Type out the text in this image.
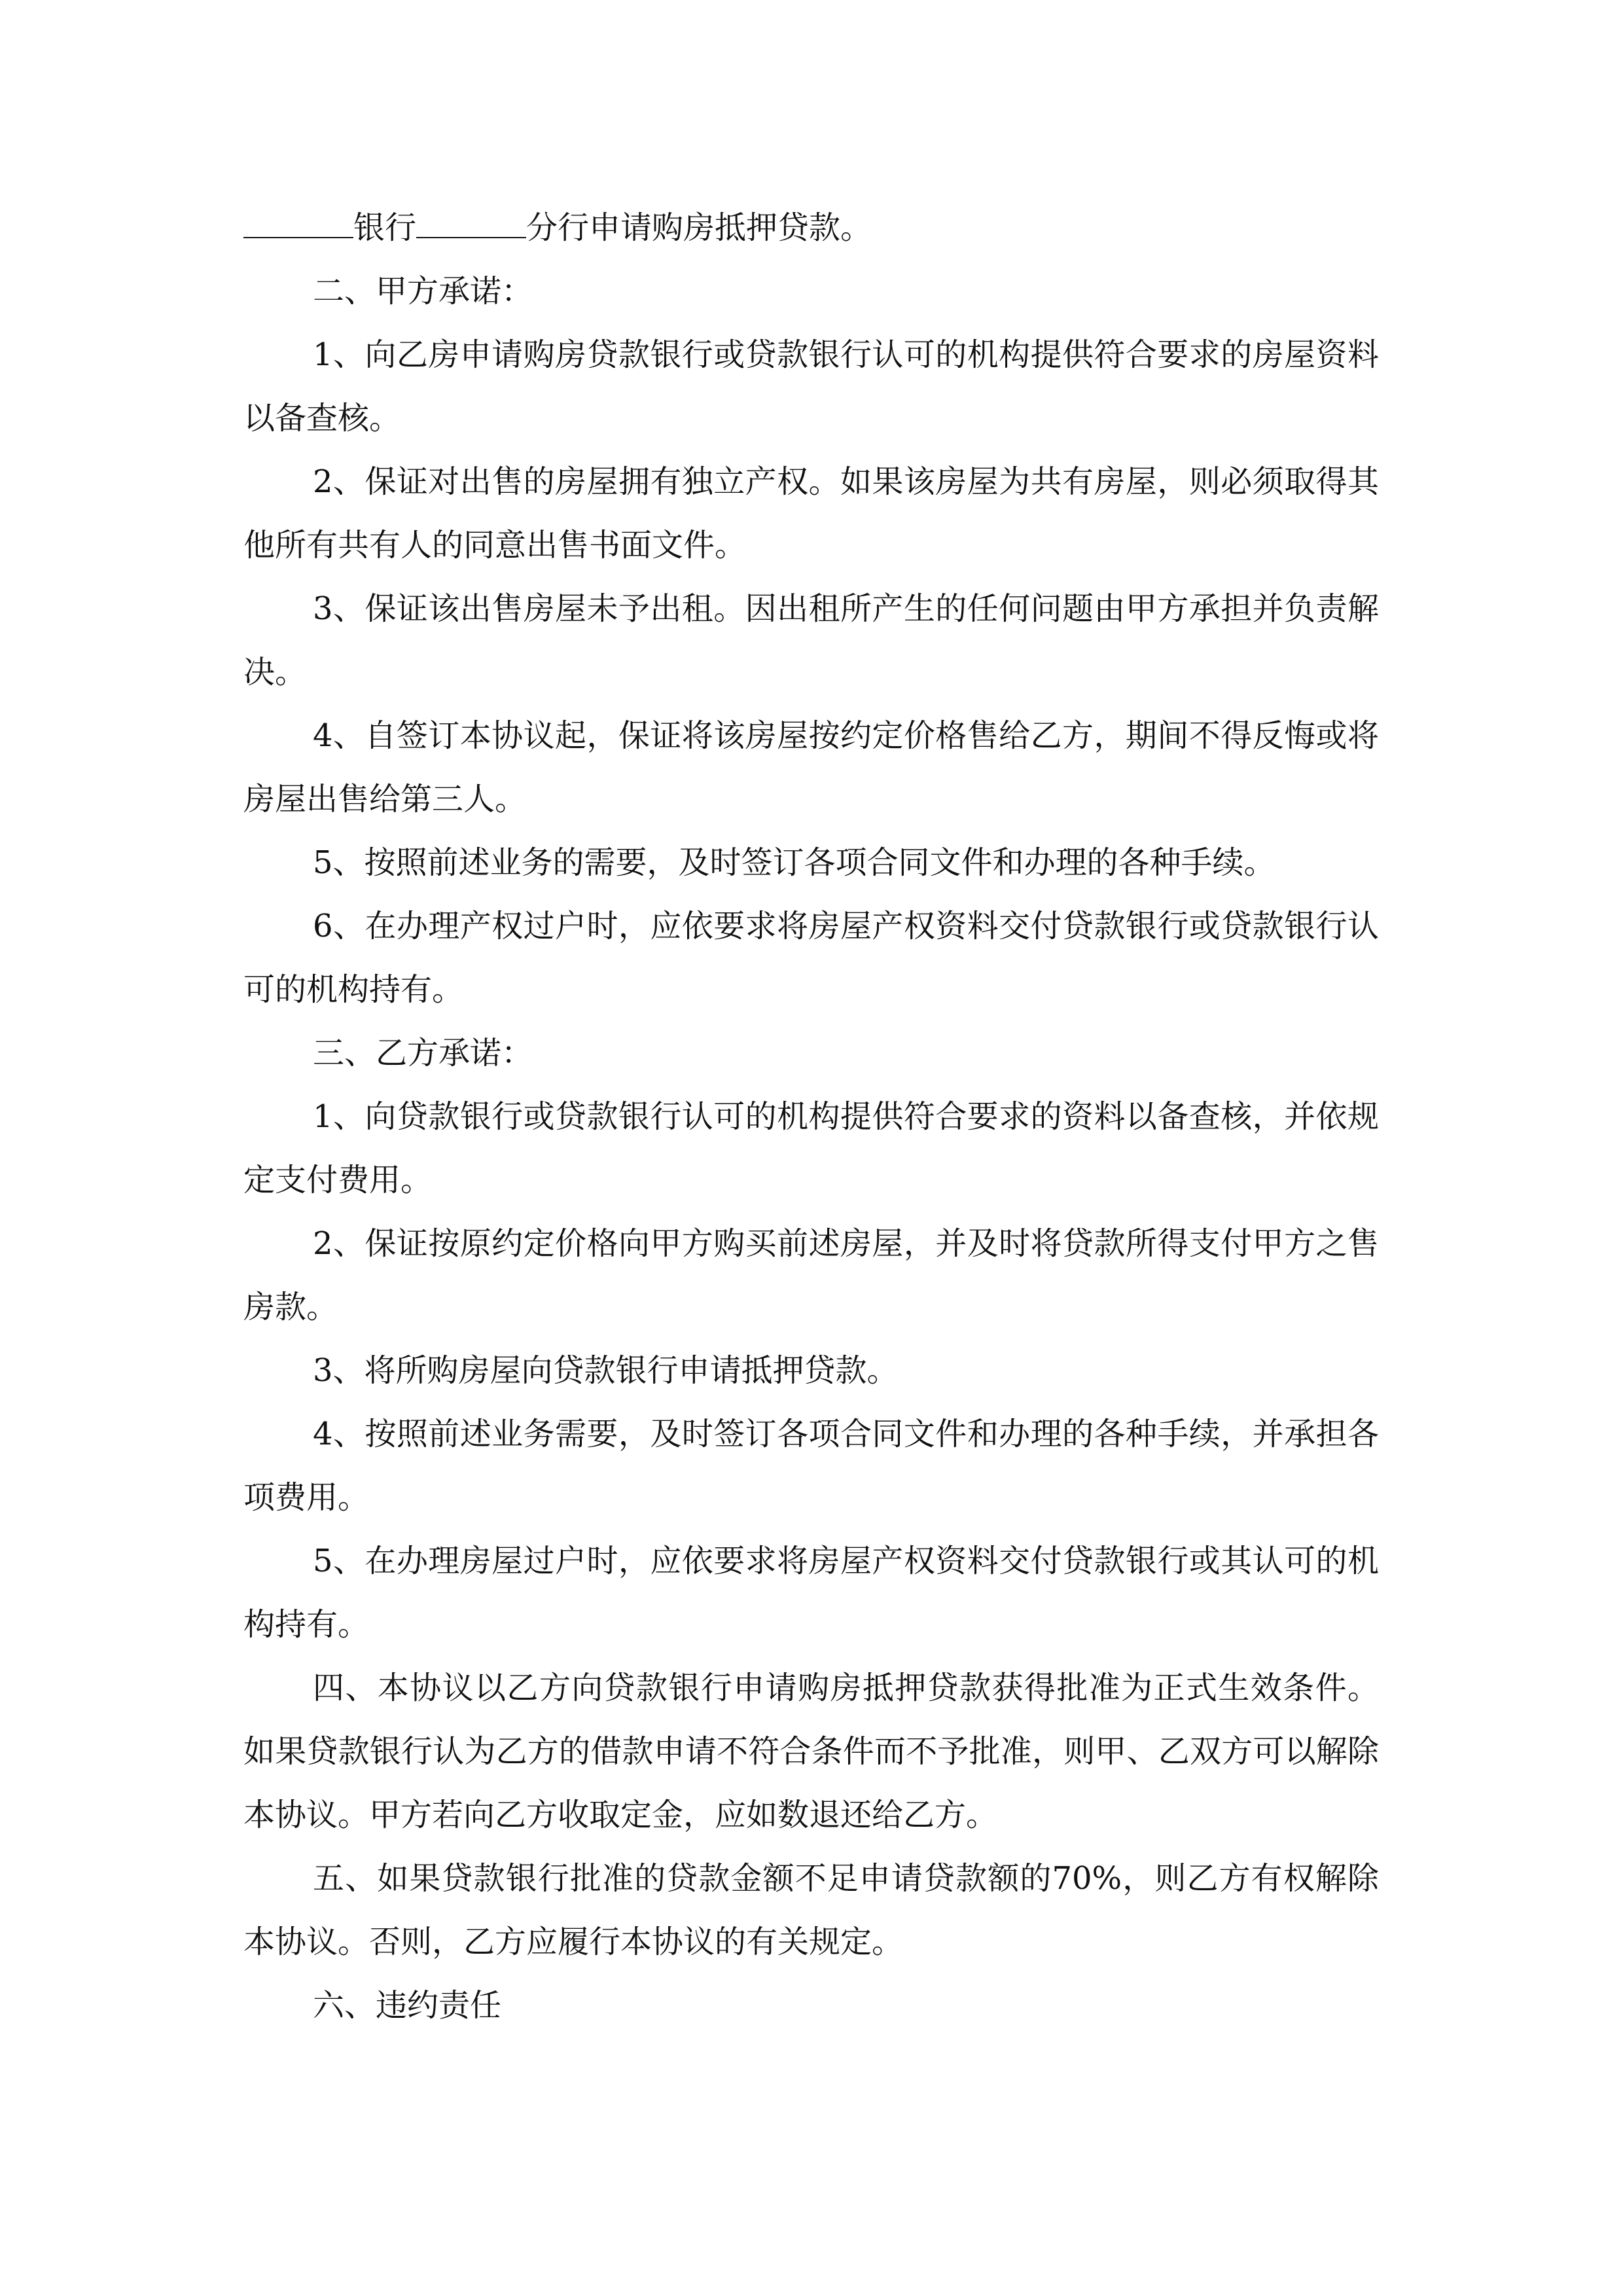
银行	分行申请购房抵押贷款。

二、甲方承诺：

1、向乙房申请购房贷款银行或贷款银行认可的机构提供符合要求的房屋资料以备查核。

2、保证对出售的房屋拥有独立产权。如果该房屋为共有房屋，则必须取得其他所有共有人的同意出售书面文件。

3、保证该出售房屋未予出租。因出租所产生的任何问题由甲方承担并负责解决。

4、自签订本协议起，保证将该房屋按约定价格售给乙方，期间不得反悔或将房屋出售给第三人。

5、按照前述业务的需要，及时签订各项合同文件和办理的各种手续。

6、在办理产权过户时，应依要求将房屋产权资料交付贷款银行或贷款银行认可的机构持有。

三、乙方承诺：

1、向贷款银行或贷款银行认可的机构提供符合要求的资料以备查核，并依规定支付费用。

2、保证按原约定价格向甲方购买前述房屋，并及时将贷款所得支付甲方之售房款。

3、将所购房屋向贷款银行申请抵押贷款。

4、按照前述业务需要，及时签订各项合同文件和办理的各种手续，并承担各项费用。

5、在办理房屋过户时，应依要求将房屋产权资料交付贷款银行或其认可的机构持有。

四、本协议以乙方向贷款银行申请购房抵押贷款获得批准为正式生效条件。如果贷款银行认为乙方的借款申请不符合条件而不予批准，则甲、乙双方可以解除本协议。甲方若向乙方收取定金，应如数退还给乙方。

五、如果贷款银行批准的贷款金额不足申请贷款额的70%，则乙方有权解除本协议。否则，乙方应履行本协议的有关规定。

六、违约责任
